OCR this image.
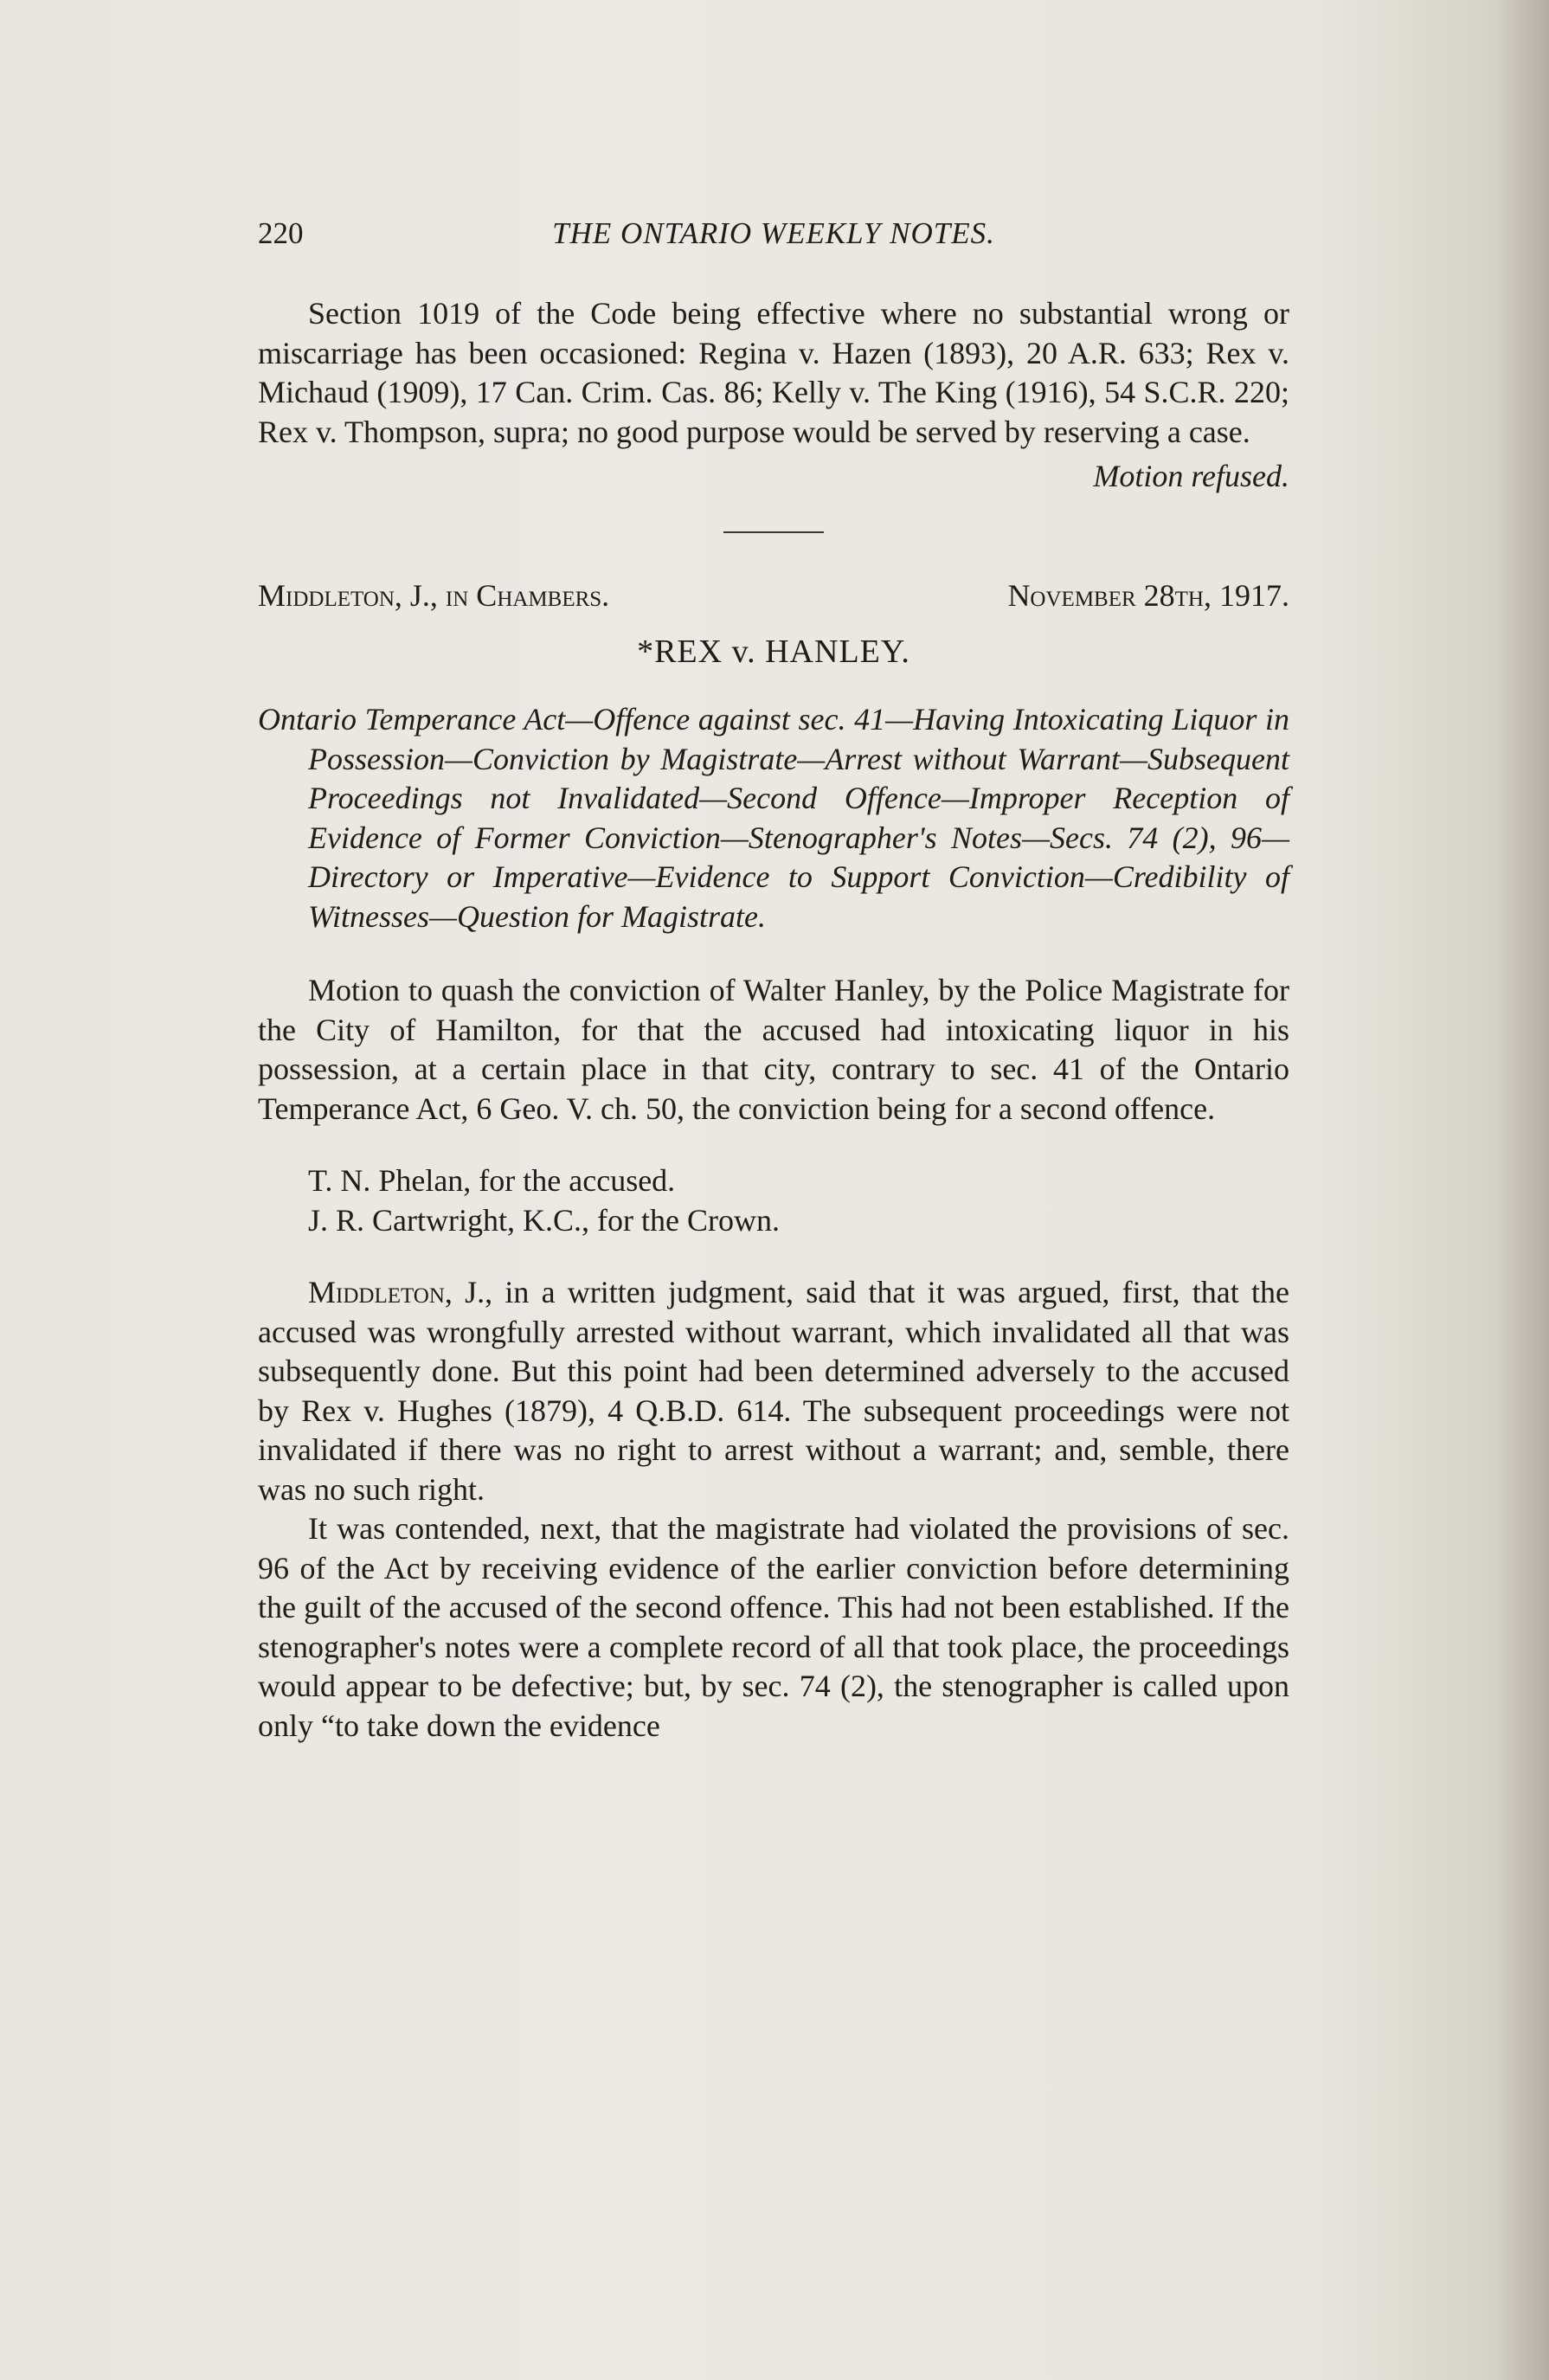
220	THE ONTARIO WEEKLY NOTES.

Section 1019 of the Code being effective where no substantial wrong or miscarriage has been occasioned: Regina v. Hazen (1893), 20 A.R. 633; Rex v. Michaud (1909), 17 Can. Crim. Cas. 86; Kelly v. The King (1916), 54 S.C.R. 220; Rex v. Thompson, supra; no good purpose would be served by reserving a case.

Motion refused.
Middleton, J., in Chambers.	November 28th, 1917.
*REX v. HANLEY.
Ontario Temperance Act—Offence against sec. 41—Having Intoxicating Liquor in Possession—Conviction by Magistrate—Arrest without Warrant—Subsequent Proceedings not Invalidated—Second Offence—Improper Reception of Evidence of Former Conviction—Stenographer's Notes—Secs. 74 (2), 96—Directory or Imperative—Evidence to Support Conviction—Credibility of Witnesses—Question for Magistrate.

Motion to quash the conviction of Walter Hanley, by the Police Magistrate for the City of Hamilton, for that the accused had intoxicating liquor in his possession, at a certain place in that city, contrary to sec. 41 of the Ontario Temperance Act, 6 Geo. V. ch. 50, the conviction being for a second offence.

T. N. Phelan, for the accused.

J. R. Cartwright, K.C., for the Crown.

Middleton, J., in a written judgment, said that it was argued, first, that the accused was wrongfully arrested without warrant, which invalidated all that was subsequently done. But this point had been determined adversely to the accused by Rex v. Hughes (1879), 4 Q.B.D. 614. The subsequent proceedings were not invalidated if there was no right to arrest without a warrant; and, semble, there was no such right.

It was contended, next, that the magistrate had violated the provisions of sec. 96 of the Act by receiving evidence of the earlier conviction before determining the guilt of the accused of the second offence. This had not been established. If the stenographer's notes were a complete record of all that took place, the proceedings would appear to be defective; but, by sec. 74 (2), the stenographer is called upon only “to take down the evidence
